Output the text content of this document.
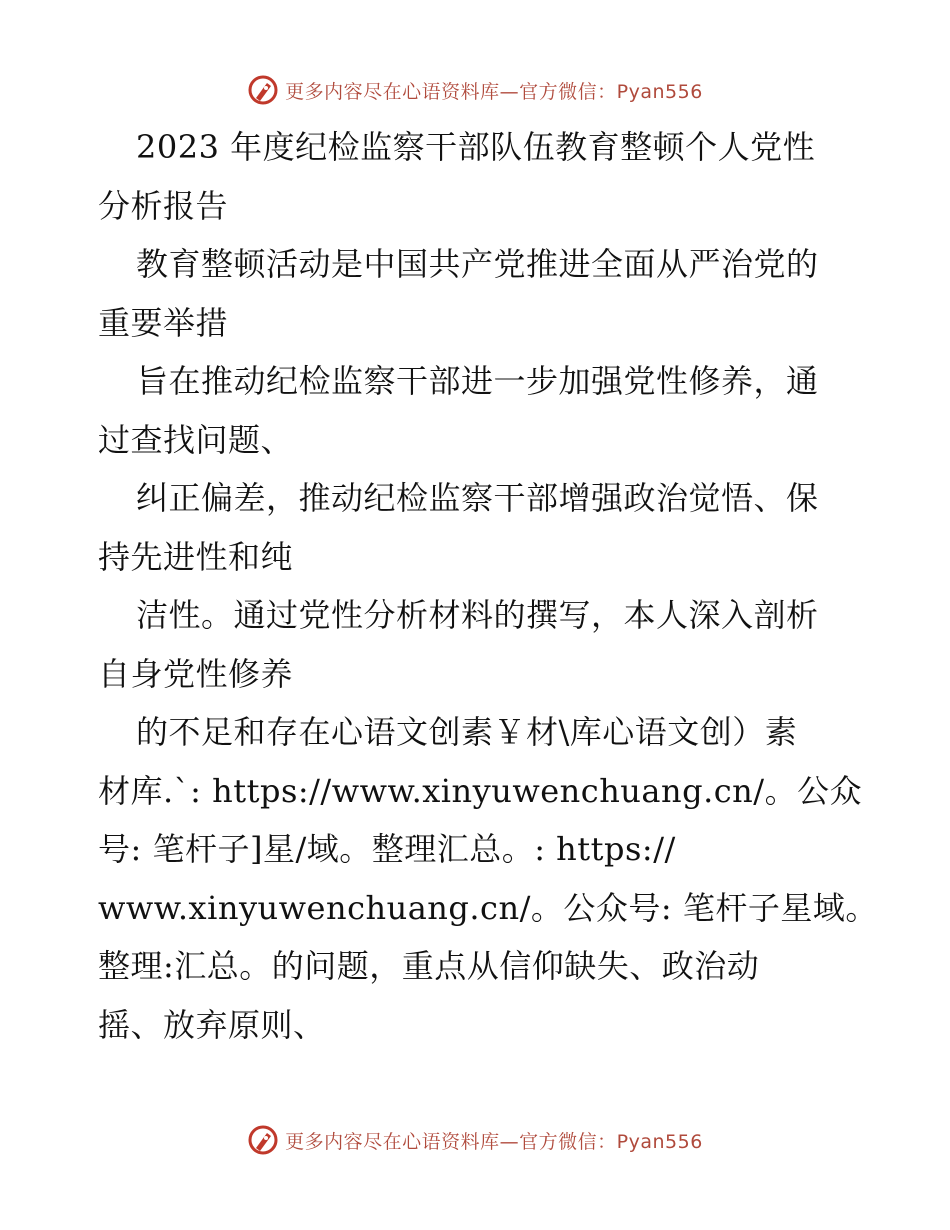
更多内容尽在心语资料库—官方微信：Pyan556
2023 年度纪检监察干部队伍教育整顿个人党性
分析报告
教育整顿活动是中国共产党推进全面从严治党的
重要举措
旨在推动纪检监察干部进一步加强党性修养，通
过查找问题、
纠正偏差，推动纪检监察干部增强政治觉悟、保
持先进性和纯
洁性。通过党性分析材料的撰写，本人深入剖析
自身党性修养
的不足和存在心语文创素￥材\库心语文创）素
材库.`: https://www.xinyuwenchuang.cn/。公众
号: 笔杆子]星/域。整理汇总。: https://
www.xinyuwenchuang.cn/。公众号: 笔杆子星域。
整理:汇总。的问题，重点从信仰缺失、政治动
摇、放弃原则、
更多内容尽在心语资料库—官方微信：Pyan556
